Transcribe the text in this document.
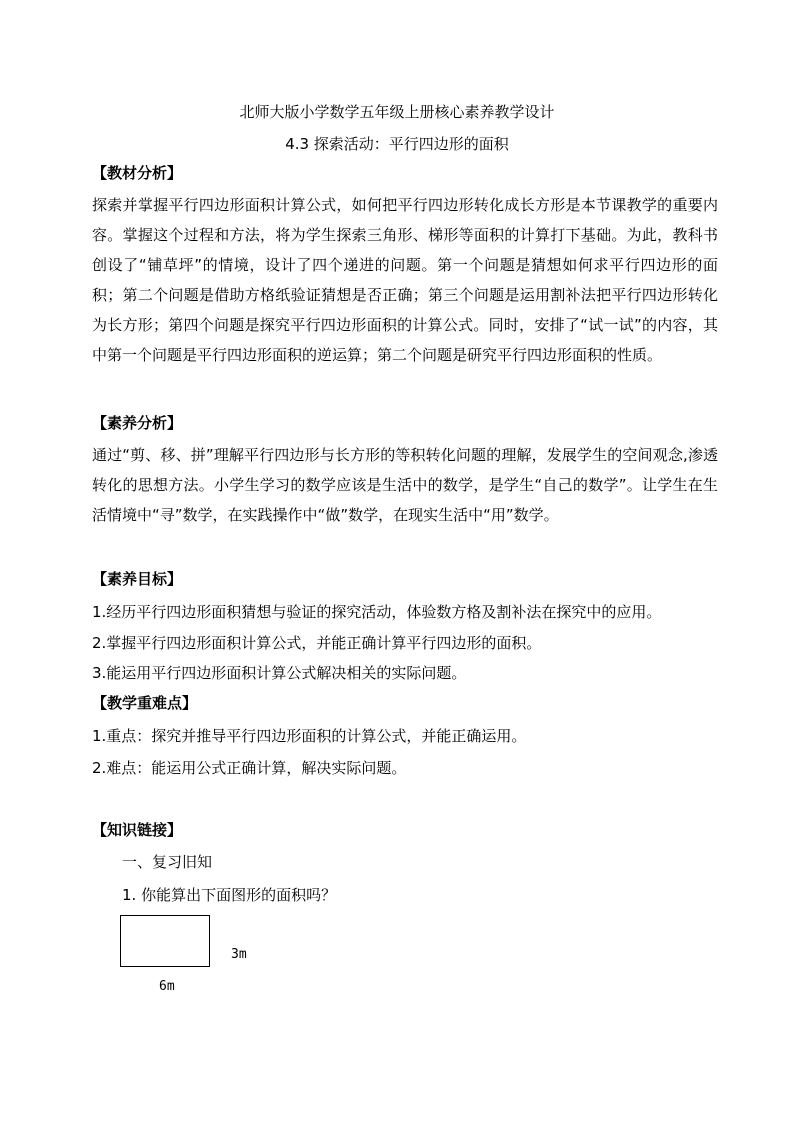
北师大版小学数学五年级上册核心素养教学设计
4.3 探索活动：平行四边形的面积
【教材分析】
探索并掌握平行四边形面积计算公式，如何把平行四边形转化成长方形是本节课教学的重要内容。掌握这个过程和方法，将为学生探索三角形、梯形等面积的计算打下基础。为此，教科书创设了“铺草坪”的情境，设计了四个递进的问题。第一个问题是猜想如何求平行四边形的面积；第二个问题是借助方格纸验证猜想是否正确；第三个问题是运用割补法把平行四边形转化为长方形；第四个问题是探究平行四边形面积的计算公式。同时，安排了“试一试”的内容，其中第一个问题是平行四边形面积的逆运算；第二个问题是研究平行四边形面积的性质。
【素养分析】
通过“剪、移、拼”理解平行四边形与长方形的等积转化问题的理解，发展学生的空间观念,渗透转化的思想方法。小学生学习的数学应该是生活中的数学，是学生“自己的数学”。让学生在生活情境中“寻”数学，在实践操作中“做”数学，在现实生活中“用”数学。
【素养目标】
1.经历平行四边形面积猜想与验证的探究活动，体验数方格及割补法在探究中的应用。
2.掌握平行四边形面积计算公式，并能正确计算平行四边形的面积。
3.能运用平行四边形面积计算公式解决相关的实际问题。
【教学重难点】
1.重点：探究并推导平行四边形面积的计算公式，并能正确运用。
2.难点：能运用公式正确计算，解决实际问题。
【知识链接】
一、复习旧知
1. 你能算出下面图形的面积吗？
3m
6m
